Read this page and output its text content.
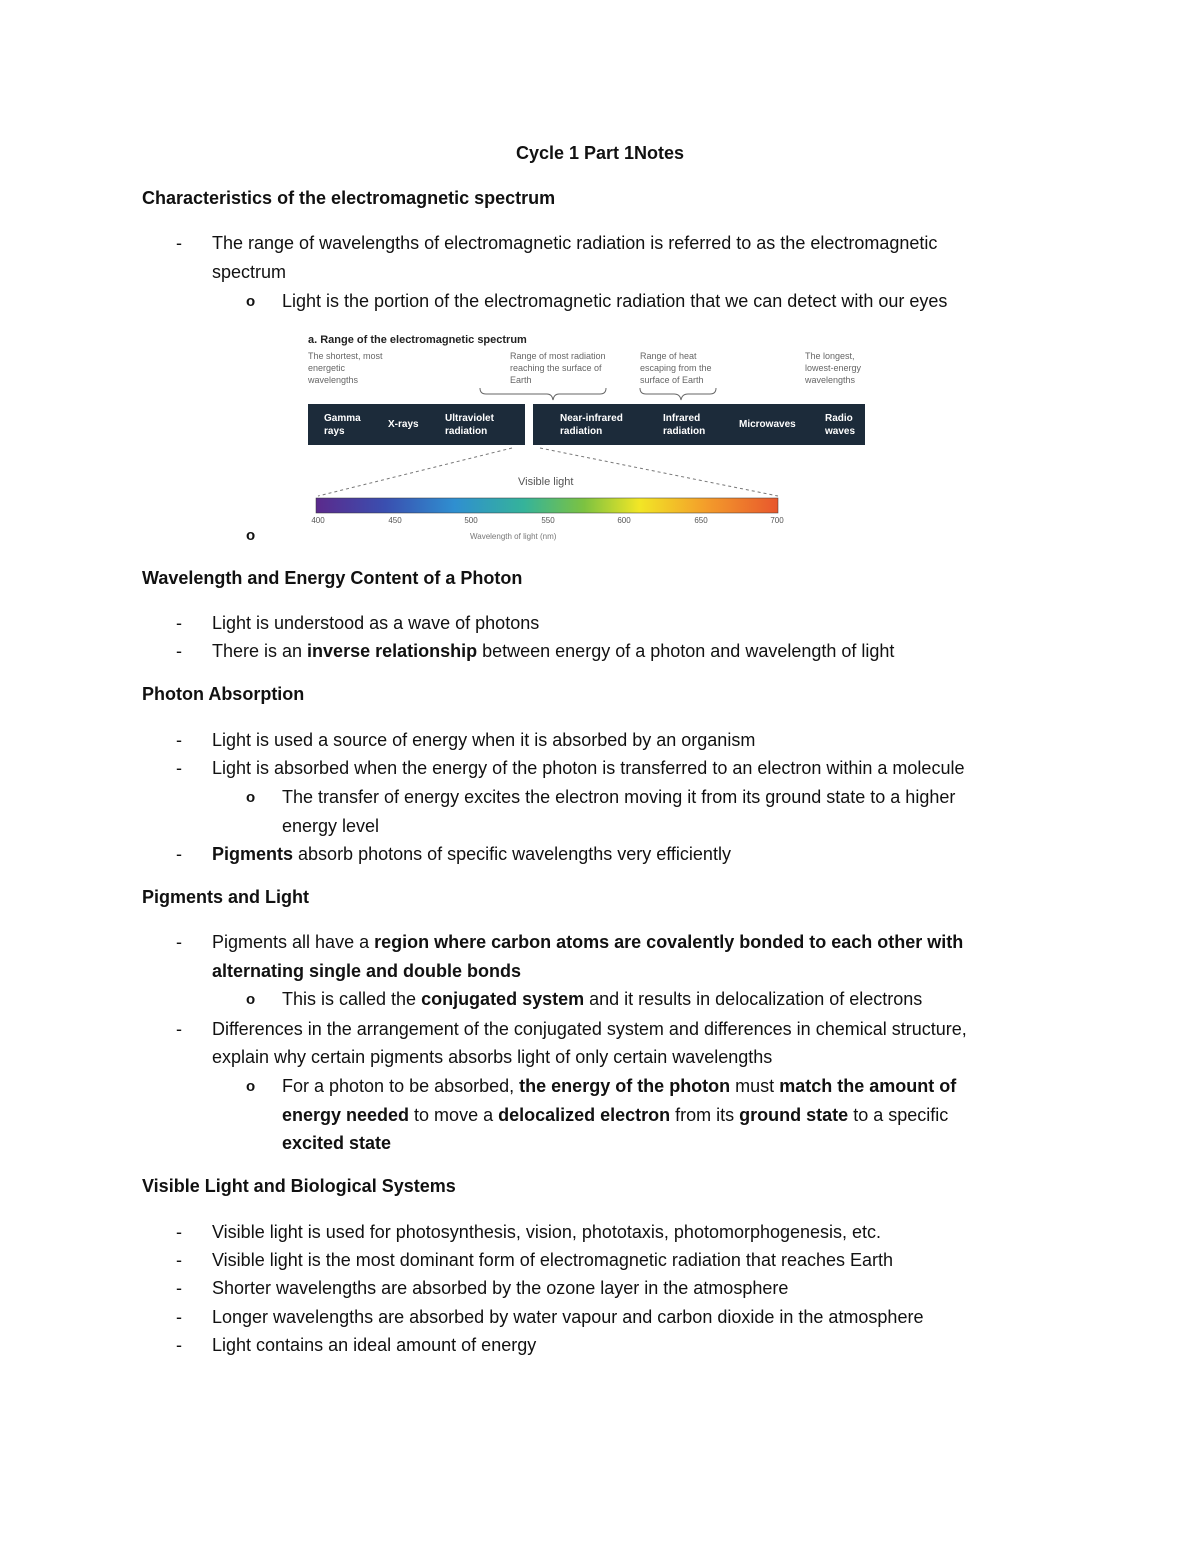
Cycle 1 Part 1Notes
Characteristics of the electromagnetic spectrum
- The range of wavelengths of electromagnetic radiation is referred to as the electromagnetic
spectrum
o Light is the portion of the electromagnetic radiation that we can detect with our eyes
a. Range of the electromagnetic spectrum
The shortest, most energetic wavelengths
Range of most radiation reaching the surface of Earth
Range of heat escaping from the surface of Earth
The longest, lowest-energy wavelengths
Gamma rays
X-rays
Ultraviolet radiation
Near-infrared radiation
Infrared radiation
Microwaves
Radio waves
Visible light
400	450	500	550	600	650	700
Wavelength of light (nm)
o
Wavelength and Energy Content of a Photon
- Light is understood as a wave of photons
- There is an inverse relationship between energy of a photon and wavelength of light
Photon Absorption
- Light is used a source of energy when it is absorbed by an organism
- Light is absorbed when the energy of the photon is transferred to an electron within a molecule
o The transfer of energy excites the electron moving it from its ground state to a higher
energy level
- Pigments absorb photons of specific wavelengths very efficiently
Pigments and Light
- Pigments all have a region where carbon atoms are covalently bonded to each other with
alternating single and double bonds
o This is called the conjugated system and it results in delocalization of electrons
- Differences in the arrangement of the conjugated system and differences in chemical structure,
explain why certain pigments absorbs light of only certain wavelengths
o For a photon to be absorbed, the energy of the photon must match the amount of
energy needed to move a delocalized electron from its ground state to a specific
excited state
Visible Light and Biological Systems
- Visible light is used for photosynthesis, vision, phototaxis, photomorphogenesis, etc.
- Visible light is the most dominant form of electromagnetic radiation that reaches Earth
- Shorter wavelengths are absorbed by the ozone layer in the atmosphere
- Longer wavelengths are absorbed by water vapour and carbon dioxide in the atmosphere
- Light contains an ideal amount of energy
